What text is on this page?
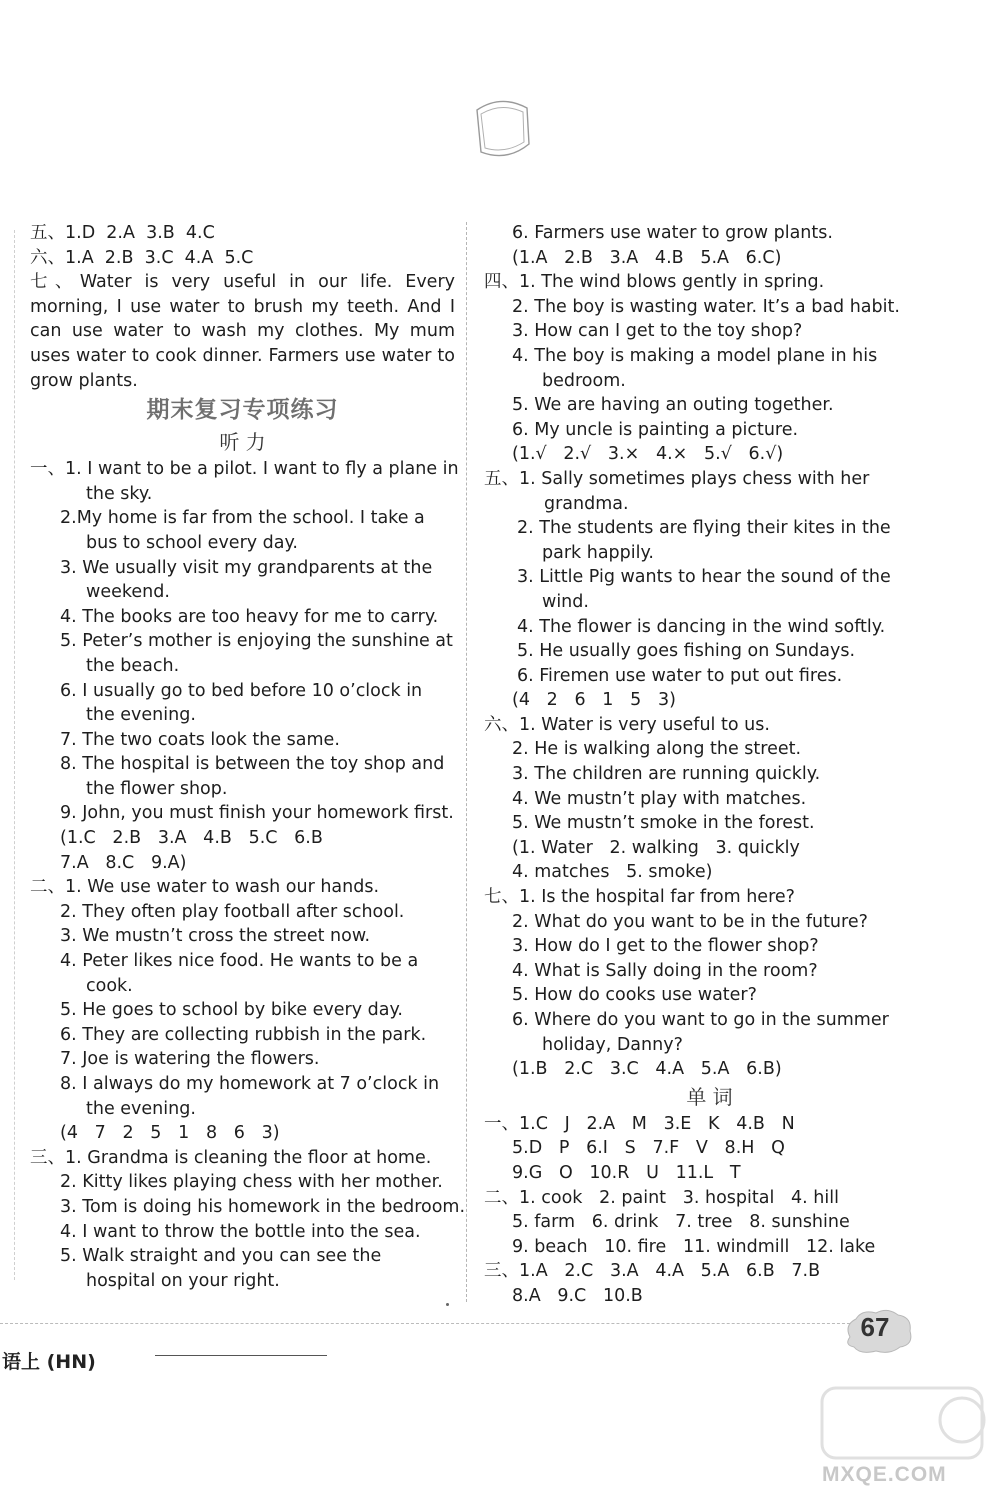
五、1.D  2.A  3.B  4.C
六、1.A  2.B  3.C  4.A  5.C
七、Water is very useful in our life. Every
morning, I use water to brush my teeth. And I
can use water to wash my clothes. My mum
uses water to cook dinner. Farmers use water to
grow plants.
期末复习专项练习
听 力
一、1. I want to be a pilot. I want to fly a plane in
the sky.
2.My home is far from the school. I take a
bus to school every day.
3. We usually visit my grandparents at the
weekend.
4. The books are too heavy for me to carry.
5. Peter’s mother is enjoying the sunshine at
the beach.
6. I usually go to bed before 10 o’clock in
the evening.
7. The two coats look the same.
8. The hospital is between the toy shop and
the flower shop.
9. John, you must finish your homework first.
(1.C   2.B   3.A   4.B   5.C   6.B
7.A   8.C   9.A)
二、1. We use water to wash our hands.
2. They often play football after school.
3. We mustn’t cross the street now.
4. Peter likes nice food. He wants to be a
cook.
5. He goes to school by bike every day.
6. They are collecting rubbish in the park.
7. Joe is watering the flowers.
8. I always do my homework at 7 o’clock in
the evening.
(4   7   2   5   1   8   6   3)
三、1. Grandma is cleaning the floor at home.
2. Kitty likes playing chess with her mother.
3. Tom is doing his homework in the bedroom.
4. I want to throw the bottle into the sea.
5. Walk straight and you can see the
hospital on your right.
6. Farmers use water to grow plants.
(1.A   2.B   3.A   4.B   5.A   6.C)
四、1. The wind blows gently in spring.
2. The boy is wasting water. It’s a bad habit.
3. How can I get to the toy shop?
4. The boy is making a model plane in his
bedroom.
5. We are having an outing together.
6. My uncle is painting a picture.
(1.√   2.√   3.×   4.×   5.√   6.√)
五、1. Sally sometimes plays chess with her
grandma.
2. The students are flying their kites in the
park happily.
3. Little Pig wants to hear the sound of the
wind.
4. The flower is dancing in the wind softly.
5. He usually goes fishing on Sundays.
6. Firemen use water to put out fires.
(4   2   6   1   5   3)
六、1. Water is very useful to us.
2. He is walking along the street.
3. The children are running quickly.
4. We mustn’t play with matches.
5. We mustn’t smoke in the forest.
(1. Water   2. walking   3. quickly
4. matches   5. smoke)
七、1. Is the hospital far from here?
2. What do you want to be in the future?
3. How do I get to the flower shop?
4. What is Sally doing in the room?
5. How do cooks use water?
6. Where do you want to go in the summer
holiday, Danny?
(1.B   2.C   3.C   4.A   5.A   6.B)
单 词
一、1.C   J   2.A   M   3.E   K   4.B   N
5.D   P   6.I   S   7.F   V   8.H   Q
9.G   O   10.R   U   11.L   T
二、1. cook   2. paint   3. hospital   4. hill
5. farm   6. drink   7. tree   8. sunshine
9. beach   10. fire   11. windmill   12. lake
三、1.A   2.C   3.A   4.A   5.A   6.B   7.B
8.A   9.C   10.B
67
语上 (HN)
MXQE.COM
